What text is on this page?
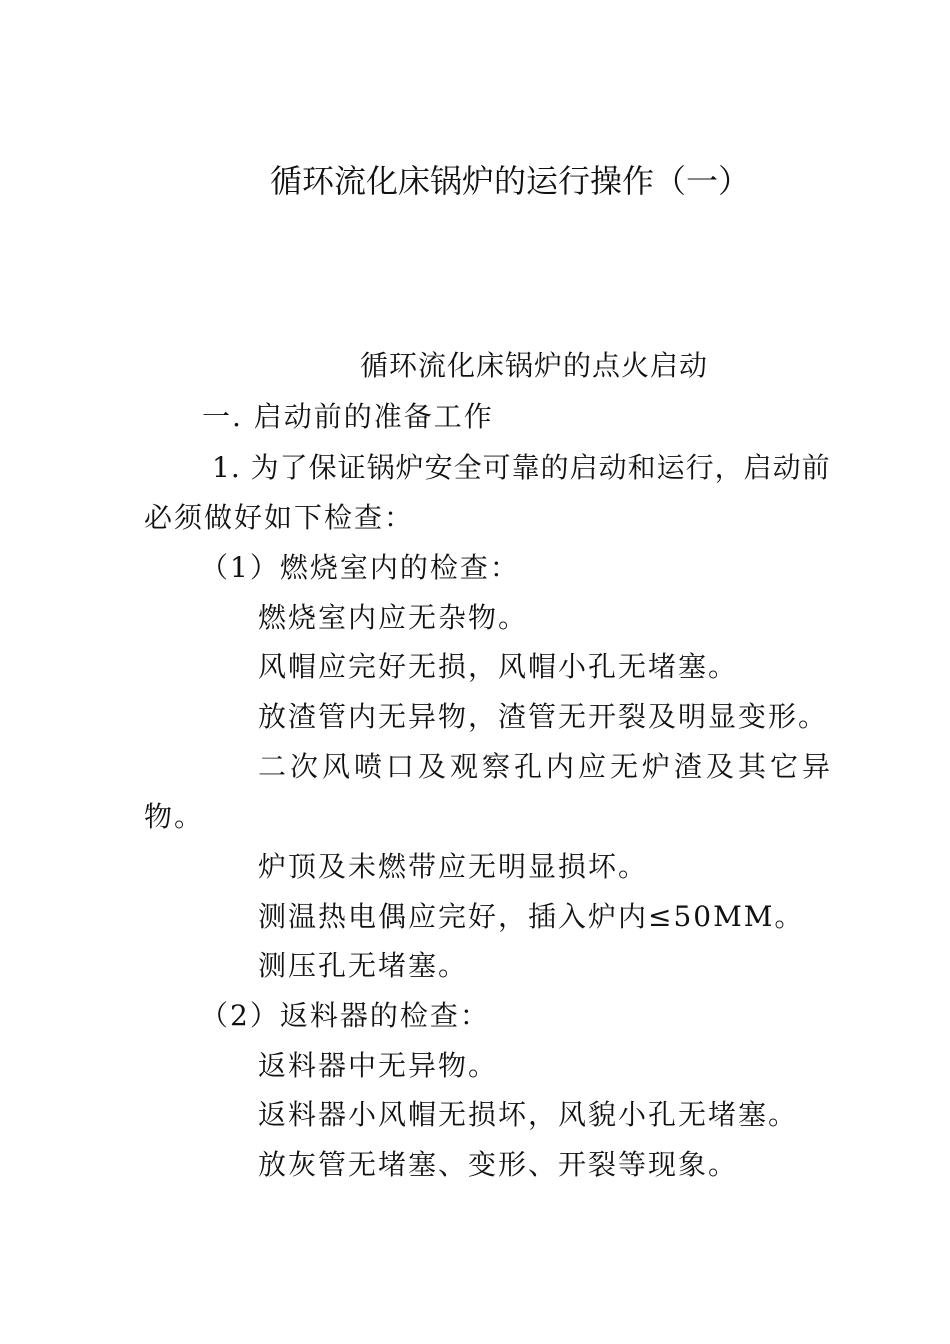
循环流化床锅炉的运行操作（一）
循环流化床锅炉的点火启动
一. 启动前的准备工作
1. 为了保证锅炉安全可靠的启动和运行，启动前
必须做好如下检查：
（1）燃烧室内的检查：
燃烧室内应无杂物。
风帽应完好无损，风帽小孔无堵塞。
放渣管内无异物，渣管无开裂及明显变形。
二次风喷口及观察孔内应无炉渣及其它异
物。
炉顶及未燃带应无明显损坏。
测温热电偶应完好，插入炉内≤50MM。
测压孔无堵塞。
（2）返料器的检查：
返料器中无异物。
返料器小风帽无损坏，风貌小孔无堵塞。
放灰管无堵塞、变形、开裂等现象。
